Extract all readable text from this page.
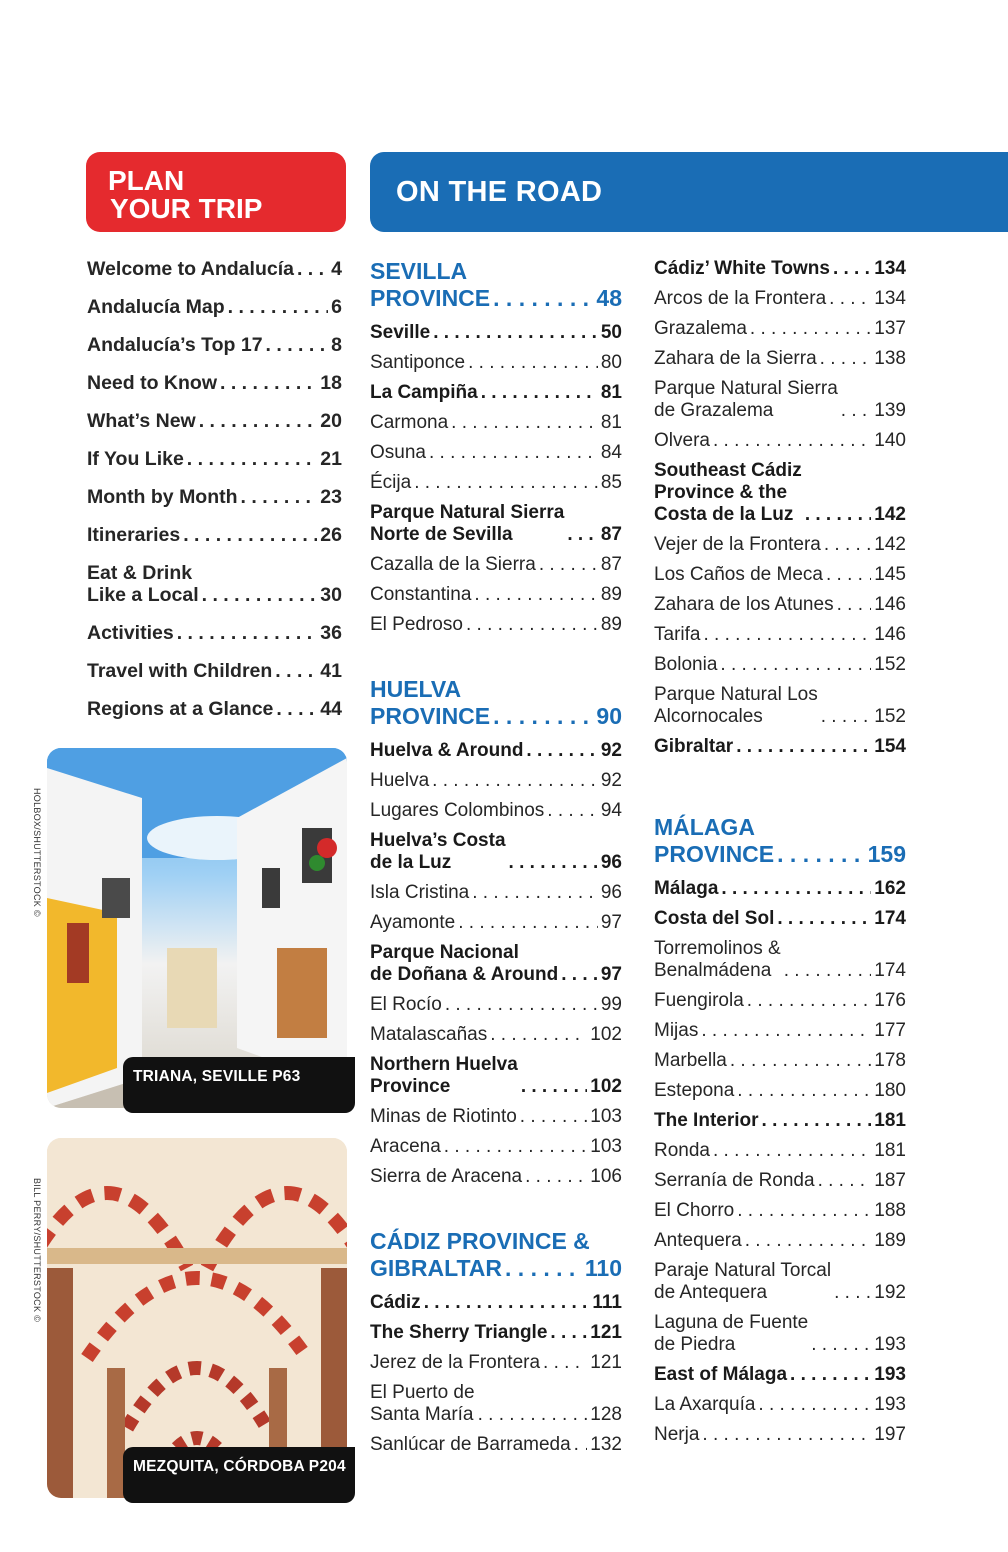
PLAN
YOUR TRIP
ON THE ROAD
Welcome to Andalucía . . . 4
Andalucía Map . . .	6
Andalucía’s Top 17 . . .	8
Need to Know . . .	18
What’s New . . .	20
If You Like . . .	21
Month by Month . . .	23
Itineraries . . .	26
Eat & Drink
Like a Local . . .	30
Activities . . .	36
Travel with Children . . . 41
Regions at a Glance . . . 44
HOLBOX/SHUTTERSTOCK ©
TRIANA, SEVILLE P63
BILL PERRY/SHUTTERSTOCK ©
MEZQUITA, CÓRDOBA P204
SEVILLA
PROVINCE . . .	48
Seville . . .	50
Santiponce . . .	80
La Campiña . . .	81
Carmona . . .	81
Osuna . . .	84
Écija . . .	85
Parque Natural Sierra
Norte de Sevilla . . .	87
Cazalla de la Sierra . . .	87
Constantina . . .	89
El Pedroso . . .	89
HUELVA
PROVINCE . . .	90
Huelva & Around . . .	92
Huelva . . .	92
Lugares Colombinos . . .	94
Huelva’s Costa
de la Luz . . .	96
Isla Cristina . . .	96
Ayamonte . . .	97
Parque Nacional
de Doñana & Around . . . 97
El Rocío . . .	99
Matalascañas . . .	102
Northern Huelva
Province . . .	102
Minas de Riotinto . . .	103
Aracena . . .	103
Sierra de Aracena . . .	106
CÁDIZ PROVINCE &
GIBRALTAR . . .	110
Cádiz . . .	111
The Sherry Triangle . . . 121
Jerez de la Frontera . . .	121
El Puerto de
Santa María . . .	128
Sanlúcar de Barrameda . . . 132
Cádiz’ White Towns . . . 134
Arcos de la Frontera . . .	134
Grazalema . . .	137
Zahara de la Sierra . . .	138
Parque Natural Sierra
de Grazalema . . .	139
Olvera . . .	140
Southeast Cádiz
Province & the
Costa de la Luz . . .	142
Vejer de la Frontera . . .	142
Los Caños de Meca . . .	145
Zahara de los Atunes . . . 146
Tarifa . . .	146
Bolonia . . .	152
Parque Natural Los
Alcornocales . . .	152
Gibraltar . . .	154
MÁLAGA
PROVINCE . . .	159
Málaga . . .	162
Costa del Sol . . .	174
Torremolinos &
Benalmádena . . .	174
Fuengirola . . .	176
Mijas . . .	177
Marbella . . .	178
Estepona . . .	180
The Interior . . .	181
Ronda . . .	181
Serranía de Ronda . . .	187
El Chorro . . .	188
Antequera . . .	189
Paraje Natural Torcal
de Antequera . . .	192
Laguna de Fuente
de Piedra . . .	193
East of Málaga . . .	193
La Axarquía . . .	193
Nerja . . .	197
